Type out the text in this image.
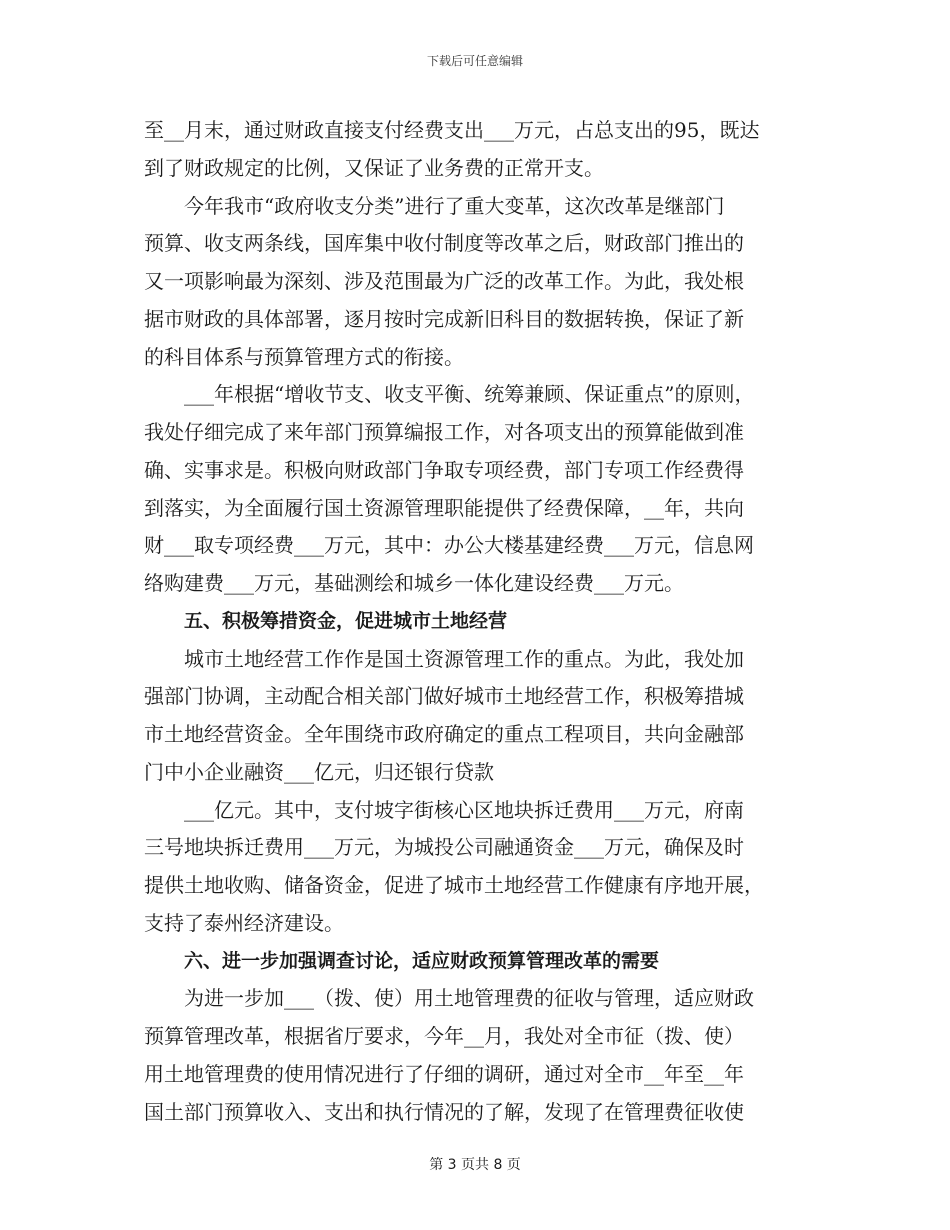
下载后可任意编辑
至__月末，通过财政直接支付经费支出___万元，占总支出的95，既达
到了财政规定的比例，又保证了业务费的正常开支。
今年我市“政府收支分类”进行了重大变革，这次改革是继部门
预算、收支两条线，国库集中收付制度等改革之后，财政部门推出的
又一项影响最为深刻、涉及范围最为广泛的改革工作。为此，我处根
据市财政的具体部署，逐月按时完成新旧科目的数据转换，保证了新
的科目体系与预算管理方式的衔接。
___年根据“增收节支、收支平衡、统筹兼顾、保证重点”的原则，
我处仔细完成了来年部门预算编报工作，对各项支出的预算能做到准
确、实事求是。积极向财政部门争取专项经费，部门专项工作经费得
到落实，为全面履行国土资源管理职能提供了经费保障，__年，共向
财___取专项经费___万元，其中：办公大楼基建经费___万元，信息网
络购建费___万元，基础测绘和城乡一体化建设经费___万元。
五、积极筹措资金，促进城市土地经营
城市土地经营工作作是国土资源管理工作的重点。为此，我处加
强部门协调，主动配合相关部门做好城市土地经营工作，积极筹措城
市土地经营资金。全年围绕市政府确定的重点工程项目，共向金融部
门中小企业融资___亿元，归还银行贷款
___亿元。其中，支付坡字街核心区地块拆迁费用___万元，府南
三号地块拆迁费用___万元，为城投公司融通资金___万元，确保及时
提供土地收购、储备资金，促进了城市土地经营工作健康有序地开展，
支持了泰州经济建设。
六、进一步加强调查讨论，适应财政预算管理改革的需要
为进一步加___（拨、使）用土地管理费的征收与管理，适应财政
预算管理改革，根据省厅要求，今年__月，我处对全市征（拨、使）
用土地管理费的使用情况进行了仔细的调研，通过对全市__年至__年
国土部门预算收入、支出和执行情况的了解，发现了在管理费征收使
第 3 页共 8 页
